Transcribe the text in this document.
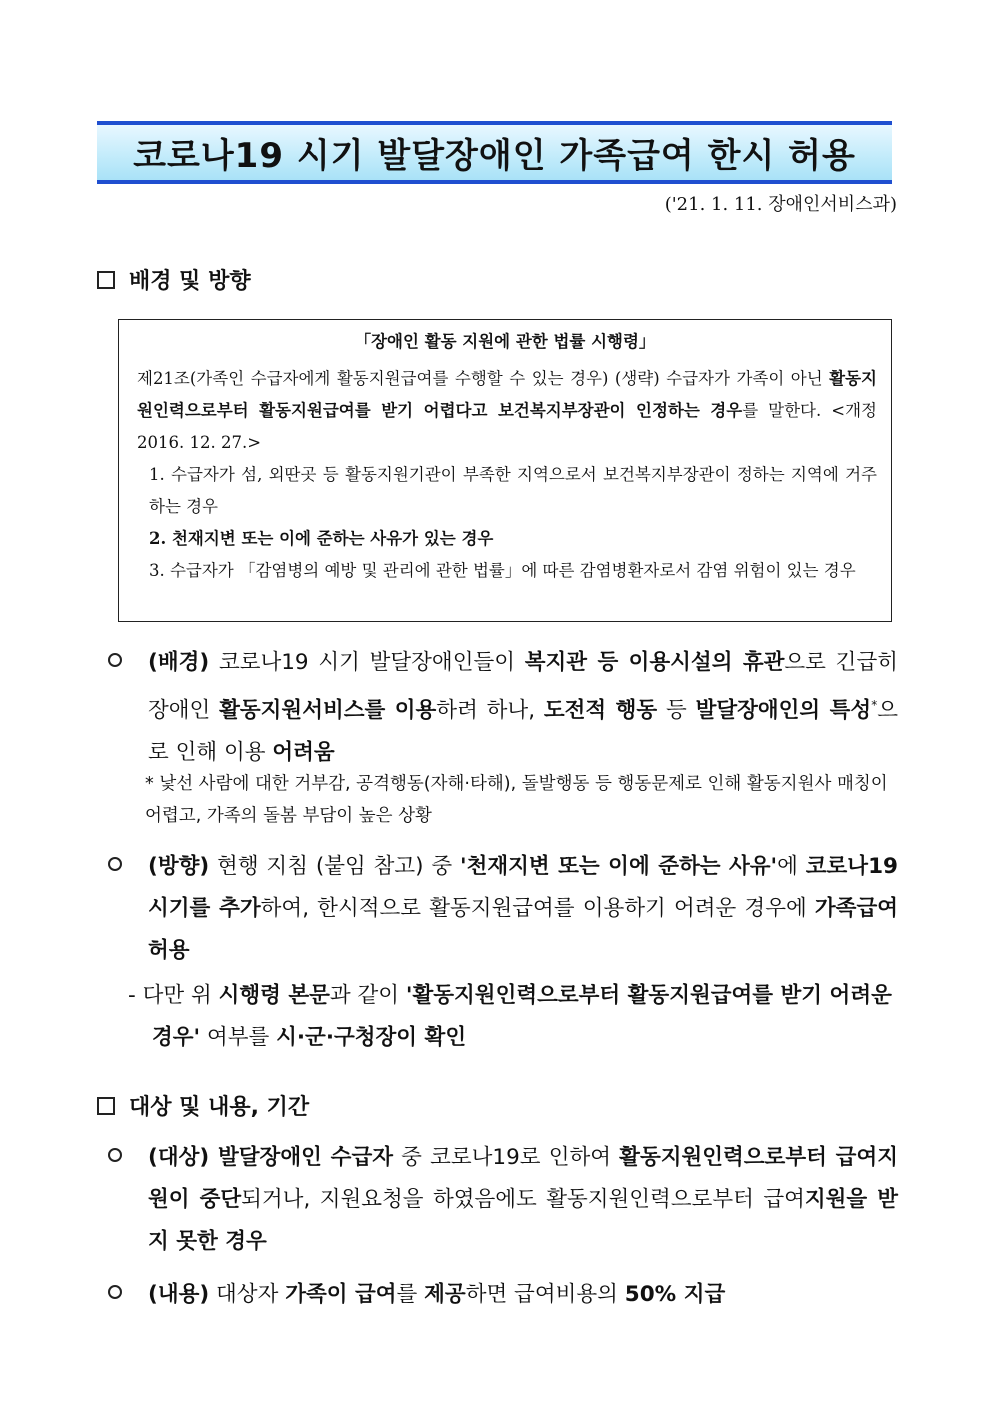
코로나19 시기 발달장애인 가족급여 한시 허용
('21. 1. 11. 장애인서비스과)
배경 및 방향
「장애인 활동 지원에 관한 법률 시행령」
제21조(가족인 수급자에게 활동지원급여를 수행할 수 있는 경우) (생략) 수급자가 가족이 아닌 활동지원인력으로부터 활동지원급여를 받기 어렵다고 보건복지부장관이 인정하는 경우를 말한다. <개정 2016. 12. 27.>
1. 수급자가 섬, 외딴곳 등 활동지원기관이 부족한 지역으로서 보건복지부장관이 정하는 지역에 거주하는 경우
2. 천재지변 또는 이에 준하는 사유가 있는 경우
3. 수급자가 「감염병의 예방 및 관리에 관한 법률」에 따른 감염병환자로서 감염 위험이 있는 경우
(배경) 코로나19 시기 발달장애인들이 복지관 등 이용시설의 휴관으로 긴급히 장애인 활동지원서비스를 이용하려 하나, 도전적 행동 등 발달장애인의 특성*으로 인해 이용 어려움
* 낯선 사람에 대한 거부감, 공격행동(자해·타해), 돌발행동 등 행동문제로 인해 활동지원사 매칭이 어렵고, 가족의 돌봄 부담이 높은 상황
(방향) 현행 지침 (붙임 참고) 중 '천재지변 또는 이에 준하는 사유'에 코로나19 시기를 추가하여, 한시적으로 활동지원급여를 이용하기 어려운 경우에 가족급여 허용
- 다만 위 시행령 본문과 같이 '활동지원인력으로부터 활동지원급여를 받기 어려운 경우' 여부를 시·군·구청장이 확인
대상 및 내용, 기간
(대상) 발달장애인 수급자 중 코로나19로 인하여 활동지원인력으로부터 급여지원이 중단되거나, 지원요청을 하였음에도 활동지원인력으로부터 급여지원을 받지 못한 경우
(내용) 대상자 가족이 급여를 제공하면 급여비용의 50% 지급
